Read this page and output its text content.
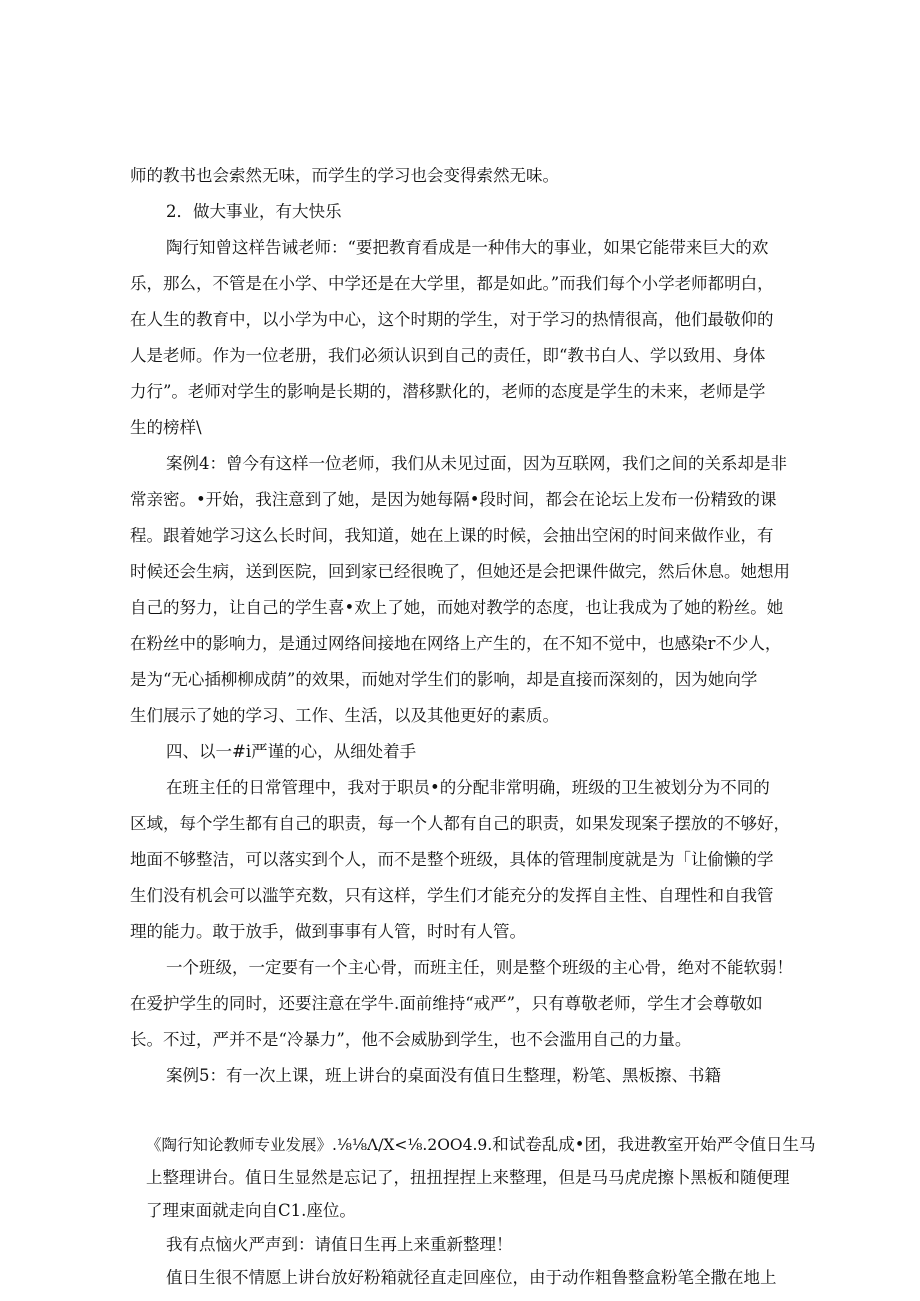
师的教书也会索然无味，而学生的学习也会变得索然无味。
2．做大事业，有大快乐
陶行知曾这样告诫老师：“要把教育看成是一种伟大的事业，如果它能带来巨大的欢
乐，那么，不管是在小学、中学还是在大学里，都是如此。”而我们每个小学老师都明白，
在人生的教育中，以小学为中心，这个时期的学生，对于学习的热情很高，他们最敬仰的
人是老师。作为一位老册，我们必须认识到自己的责任，即“教书白人、学以致用、身体
力行”。老师对学生的影响是长期的，潜移默化的，老师的态度是学生的未来，老师是学
生的榜样\
案例4：曾今有这样一位老师，我们从未见过面，因为互联网，我们之间的关系却是非
常亲密。•开始，我注意到了她，是因为她每隔•段时间，都会在论坛上发布一份精致的课
程。跟着她学习这么长时间，我知道，她在上课的时候，会抽出空闲的时间来做作业，有
时候还会生病，送到医院，回到家已经很晚了，但她还是会把课件做完，然后休息。她想用
自己的努力，让自己的学生喜•欢上了她，而她对教学的态度，也让我成为了她的粉丝。她
在粉丝中的影响力，是通过网络间接地在网络上产生的，在不知不觉中，也感染r不少人，
是为“无心插柳柳成荫”的效果，而她对学生们的影响，却是直接而深刻的，因为她向学
生们展示了她的学习、工作、生活，以及其他更好的素质。
四、以一#i严谨的心，从细处着手
在班主任的日常管理中，我对于职员•的分配非常明确，班级的卫生被划分为不同的
区域，每个学生都有自己的职责，每一个人都有自己的职责，如果发现案子摆放的不够好，
地面不够整洁，可以落实到个人，而不是整个班级，具体的管理制度就是为「让偷懒的学
生们没有机会可以滥竽充数，只有这样，学生们才能充分的发挥自主性、自理性和自我管
理的能力。敢于放手，做到事事有人管，时时有人管。
一个班级，一定要有一个主心骨，而班主任，则是整个班级的主心骨，绝对不能软弱！
在爱护学生的同时，还要注意在学牛.面前维持“戒严”，只有尊敬老师，学生才会尊敬如
长。不过，严并不是“冷暴力”，他不会威胁到学生，也不会滥用自己的力量。
案例5：有一次上课，班上讲台的桌面没有值日生整理，粉笔、黑板擦、书籍
《陶行知论教师专业发展》.⅛⅛Λ∕X<⅛.2OO4.9.和试卷乱成•团，我进教室开始严令值日生马
上整理讲台。值日生显然是忘记了，扭扭捏捏上来整理，但是马马虎虎擦卜黑板和随便理
了理束面就走向自C1.座位。
我有点恼火严声到：请值日生再上来重新整理！
值日生很不情愿上讲台放好粉箱就径直走回座位，由于动作粗鲁整盒粉笔全撒在地上
